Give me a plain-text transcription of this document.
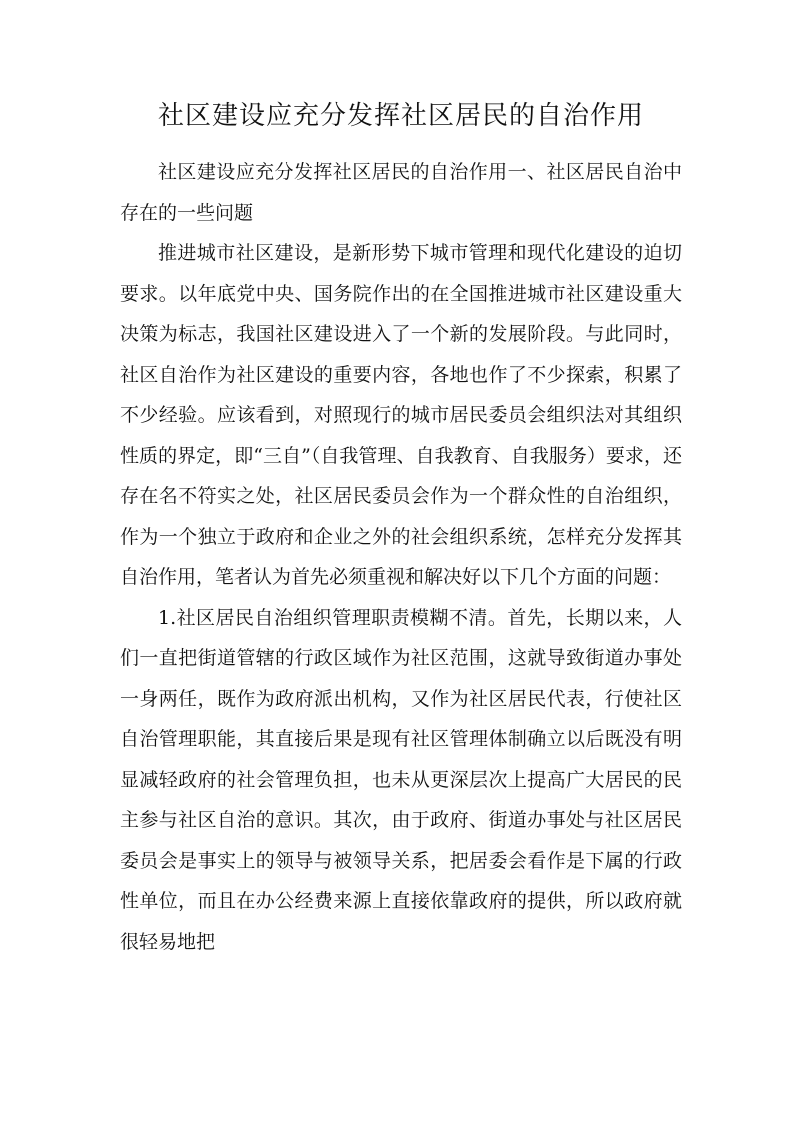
社区建设应充分发挥社区居民的自治作用

社区建设应充分发挥社区居民的自治作用一、社区居民自治中存在的一些问题

推进城市社区建设，是新形势下城市管理和现代化建设的迫切要求。以年底党中央、国务院作出的在全国推进城市社区建设重大决策为标志，我国社区建设进入了一个新的发展阶段。与此同时，社区自治作为社区建设的重要内容，各地也作了不少探索，积累了不少经验。应该看到，对照现行的城市居民委员会组织法对其组织性质的界定，即“三自”（自我管理、自我教育、自我服务）要求，还存在名不符实之处，社区居民委员会作为一个群众性的自治组织，作为一个独立于政府和企业之外的社会组织系统，怎样充分发挥其自治作用，笔者认为首先必须重视和解决好以下几个方面的问题：

1.社区居民自治组织管理职责模糊不清。首先，长期以来，人们一直把街道管辖的行政区域作为社区范围，这就导致街道办事处一身两任，既作为政府派出机构，又作为社区居民代表，行使社区自治管理职能，其直接后果是现有社区管理体制确立以后既没有明显减轻政府的社会管理负担，也未从更深层次上提高广大居民的民主参与社区自治的意识。其次，由于政府、街道办事处与社区居民委员会是事实上的领导与被领导关系，把居委会看作是下属的行政性单位，而且在办公经费来源上直接依靠政府的提供，所以政府就很轻易地把
